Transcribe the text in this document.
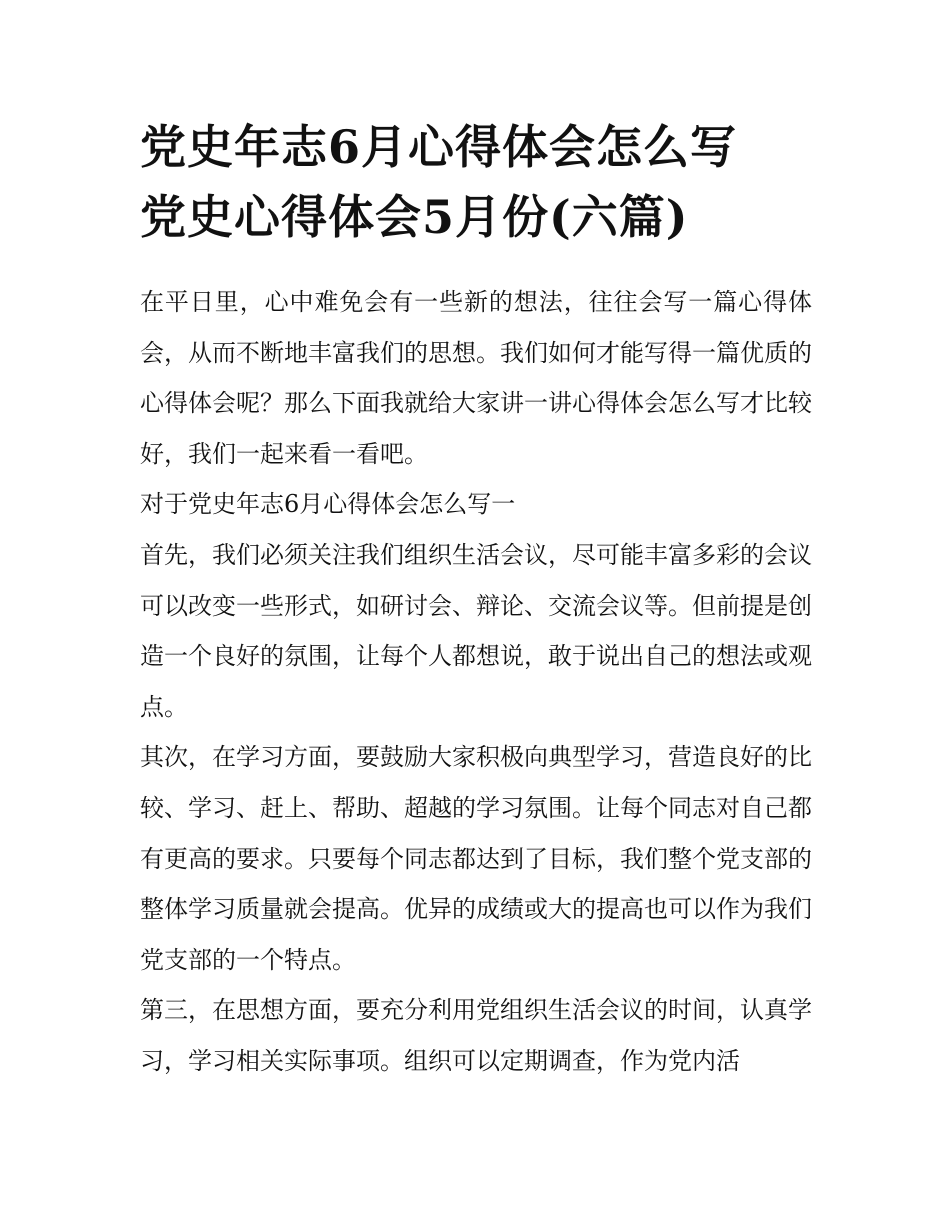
党史年志6月心得体会怎么写
党史心得体会5月份(六篇)

在平日里，心中难免会有一些新的想法，往往会写一篇心得体会，从而不断地丰富我们的思想。我们如何才能写得一篇优质的心得体会呢？那么下面我就给大家讲一讲心得体会怎么写才比较好，我们一起来看一看吧。

对于党史年志6月心得体会怎么写一

首先，我们必须关注我们组织生活会议，尽可能丰富多彩的会议可以改变一些形式，如研讨会、辩论、交流会议等。但前提是创造一个良好的氛围，让每个人都想说，敢于说出自己的想法或观点。

其次，在学习方面，要鼓励大家积极向典型学习，营造良好的比较、学习、赶上、帮助、超越的学习氛围。让每个同志对自己都有更高的要求。只要每个同志都达到了目标，我们整个党支部的整体学习质量就会提高。优异的成绩或大的提高也可以作为我们党支部的一个特点。

第三，在思想方面，要充分利用党组织生活会议的时间，认真学习，学习相关实际事项。组织可以定期调查，作为党内活
